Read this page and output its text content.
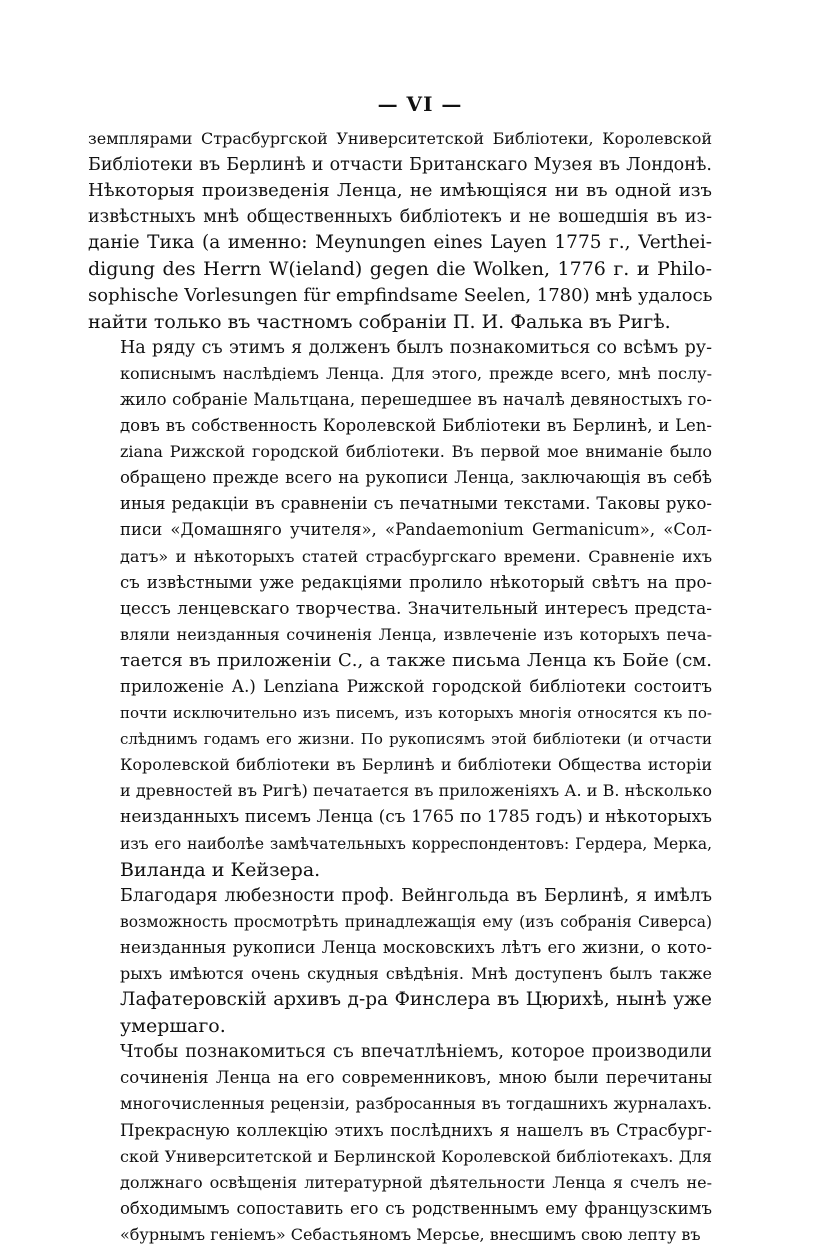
— VI —

земплярами Страсбургской Университетской Библіотеки, Королевской
Библіотеки въ Берлинѣ и отчасти Британскаго Музея въ Лондонѣ.
Нѣкоторыя произведенія Ленца, не имѣющіяся ни въ одной изъ
извѣстныхъ мнѣ общественныхъ библіотекъ и не вошедшія въ из-
даніе Тика (а именно: Meynungen eines Layen 1775 г., Verthei-
digung des Herrn W(ieland) gegen die Wolken, 1776 г. и Philo-
sophische Vorlesungen für empfindsame Seelen, 1780) мнѣ удалось
найти только въ частномъ собраніи П. И. Фалька въ Ригѣ.

На ряду съ этимъ я долженъ былъ познакомиться со всѣмъ ру-
кописнымъ наслѣдіемъ Ленца. Для этого, прежде всего, мнѣ послу-
жило собраніе Мальтцана, перешедшее въ началѣ девяностыхъ го-
довъ въ собственность Королевской Библіотеки въ Берлинѣ, и Len-
ziana Рижской городской библіотеки. Въ первой мое вниманіе было
обращено прежде всего на рукописи Ленца, заключающія въ себѣ
иныя редакціи въ сравненіи съ печатными текстами. Таковы руко-
писи «Домашняго учителя», «Pandaemonium Germanicum», «Сол-
датъ» и нѣкоторыхъ статей страсбургскаго времени. Сравненіе ихъ
съ извѣстными уже редакціями пролило нѣкоторый свѣтъ на про-
цессъ ленцевскаго творчества. Значительный интересъ предста-
вляли неизданныя сочиненія Ленца, извлеченіе изъ которыхъ печа-
тается въ приложеніи С., а также письма Ленца къ Бойе (см.
приложеніе А.) Lenziana Рижской городской библіотеки состоитъ
почти исключительно изъ писемъ, изъ которыхъ многія относятся къ по-
слѣднимъ годамъ его жизни. По рукописямъ этой библіотеки (и отчасти
Королевской библіотеки въ Берлинѣ и библіотеки Общества исторіи
и древностей въ Ригѣ) печатается въ приложеніяхъ А. и В. нѣсколько
неизданныхъ писемъ Ленца (съ 1765 по 1785 годъ) и нѣкоторыхъ
изъ его наиболѣе замѣчательныхъ корреспондентовъ: Гердера, Мерка,
Виланда и Кейзера.

Благодаря любезности проф. Вейнгольда въ Берлинѣ, я имѣлъ
возможность просмотрѣть принадлежащія ему (изъ собранія Сиверса)
неизданныя рукописи Ленца московскихъ лѣтъ его жизни, о кото-
рыхъ имѣются очень скудныя свѣдѣнія. Мнѣ доступенъ былъ также
Лафатеровскій архивъ д-ра Финслера въ Цюрихѣ, нынѣ уже
умершаго.

Чтобы познакомиться съ впечатлѣніемъ, которое производили
сочиненія Ленца на его современниковъ, мною были перечитаны
многочисленныя рецензіи, разбросанныя въ тогдашнихъ журналахъ.
Прекрасную коллекцію этихъ послѣднихъ я нашелъ въ Страсбург-
ской Университетской и Берлинской Королевской библіотекахъ. Для
должнаго освѣщенія литературной дѣятельности Ленца я счелъ не-
обходимымъ сопоставить его съ родственнымъ ему французскимъ
«бурнымъ геніемъ» Себастьяномъ Мерсье, внесшимъ свою лепту въ
